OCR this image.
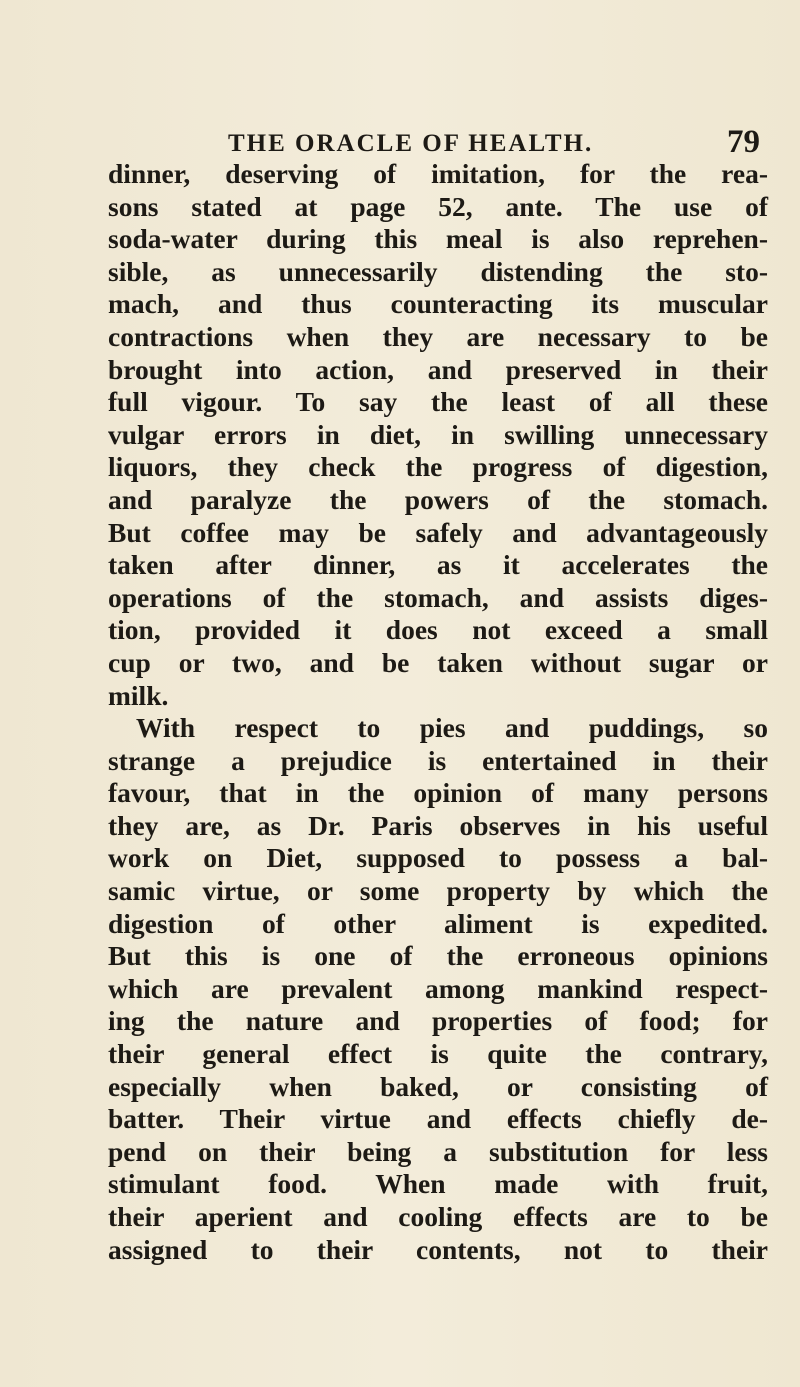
THE ORACLE OF HEALTH.	79
dinner, deserving of imitation, for the rea-
sons stated at page 52, ante. The use of
soda-water during this meal is also reprehen-
sible, as unnecessarily distending the sto-
mach, and thus counteracting its muscular
contractions when they are necessary to be
brought into action, and preserved in their
full vigour. To say the least of all these
vulgar errors in diet, in swilling unnecessary
liquors, they check the progress of digestion,
and paralyze the powers of the stomach.
But coffee may be safely and advantageously
taken after dinner, as it accelerates the
operations of the stomach, and assists diges-
tion, provided it does not exceed a small
cup or two, and be taken without sugar or
milk.
With respect to pies and puddings, so
strange a prejudice is entertained in their
favour, that in the opinion of many persons
they are, as Dr. Paris observes in his useful
work on Diet, supposed to possess a bal-
samic virtue, or some property by which the
digestion of other aliment is expedited.
But this is one of the erroneous opinions
which are prevalent among mankind respect-
ing the nature and properties of food; for
their general effect is quite the contrary,
especially when baked, or consisting of
batter. Their virtue and effects chiefly de-
pend on their being a substitution for less
stimulant food. When made with fruit,
their aperient and cooling effects are to be
assigned to their contents, not to their
